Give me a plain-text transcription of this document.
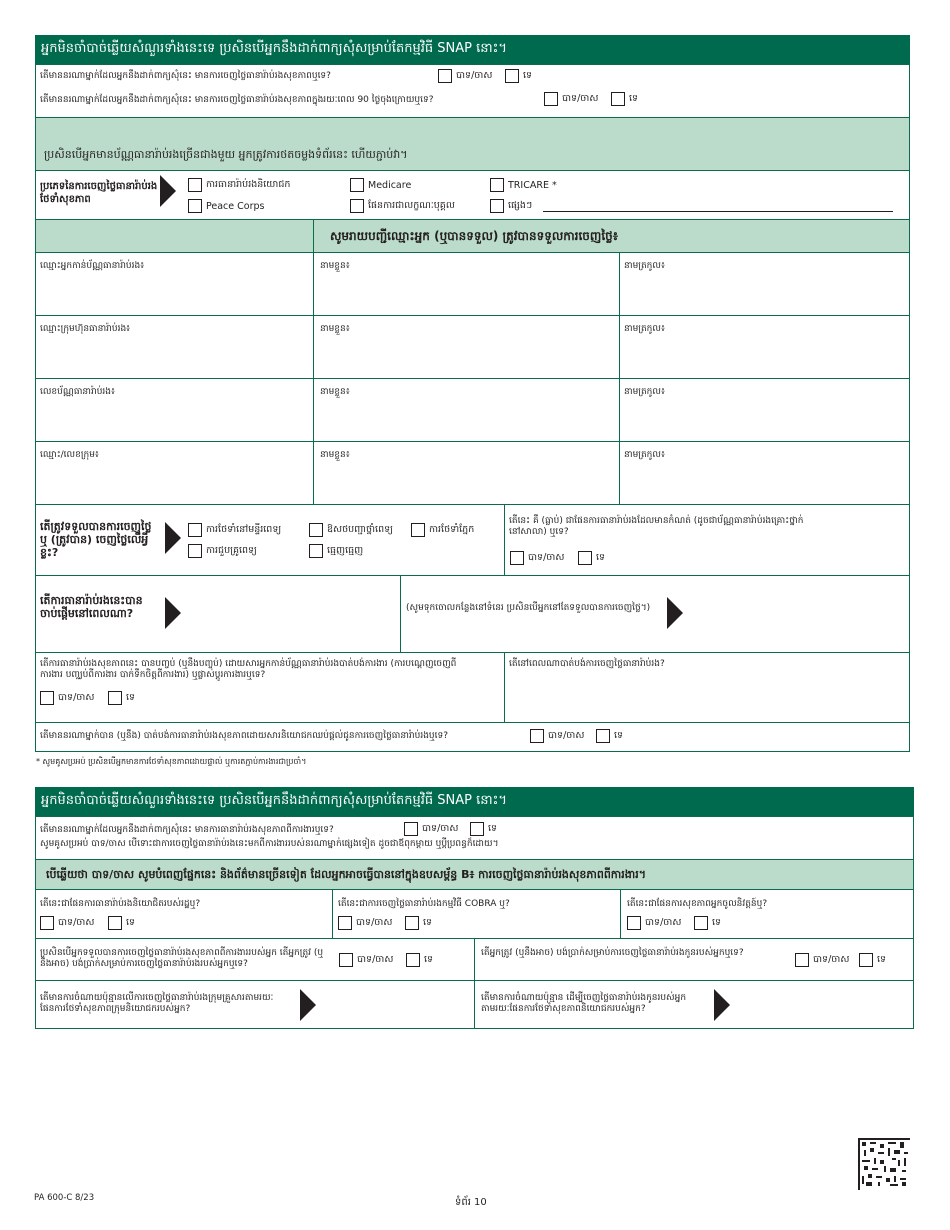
អ្នកមិនចាំបាច់ឆ្លើយសំណួរទាំងនេះទេ ប្រសិនបើអ្នកនឹងដាក់ពាក្យសុំសម្រាប់តែកម្មវិធី SNAP នោះ។
តើមាននរណាម្នាក់ដែលអ្នកនឹងដាក់ពាក្យសុំនេះ មានការចេញថ្លៃធានារ៉ាប់រងសុខភាពឬទេ?	បាទ/ចាស	ទេ
តើមាននរណាម្នាក់ដែលអ្នកនឹងដាក់ពាក្យសុំនេះ មានការចេញថ្លៃធានារ៉ាប់រងសុខភាពក្នុងរយៈពេល 90 ថ្ងៃចុងក្រោយឬទេ?	បាទ/ចាស	ទេ
ប្រសិនបើអ្នកមានប័ណ្ណធានារ៉ាប់រងច្រើនជាងមួយ អ្នកត្រូវការថតចម្លងទំព័រនេះ ហើយភ្ជាប់វា។
ប្រភេទនៃការចេញថ្លៃធានារ៉ាប់រងថែទាំសុខភាព
ការធានារ៉ាប់រងនិយោជក	Medicare	TRICARE *
Peace Corps	ផែនការជាលក្ខណៈបុគ្គល	ផ្សេងៗ
សូមរាយបញ្ជីឈ្មោះអ្នក (ឬបានទទួល) ត្រូវបានទទួលការចេញថ្លៃ៖
ឈ្មោះអ្នកកាន់ប័ណ្ណធានារ៉ាប់រង៖	នាមខ្លួន៖	នាមត្រកូល៖
ឈ្មោះក្រុមហ៊ុនធានារ៉ាប់រង៖	នាមខ្លួន៖	នាមត្រកូល៖
លេខប័ណ្ណធានារ៉ាប់រង៖	នាមខ្លួន៖	នាមត្រកូល៖
ឈ្មោះ/លេខក្រុម៖	នាមខ្លួន៖	នាមត្រកូល៖
តើត្រូវទទួលបានការចេញថ្លៃ ឬ (ត្រូវបាន) ចេញថ្លៃលើអ្វីខ្លះ?
ការថែទាំនៅមន្ទីរពេទ្យ	ឱសថបញ្ជាថ្នាំពេទ្យ	ការថែទាំភ្នែក
ការជួបគ្រូពេទ្យ	ធ្មេញធ្មេញ
តើនេះ គឺ (ធ្លាប់) ជាផែនការធានារ៉ាប់រងដែលមានកំណត់ (ដូចជាប័ណ្ណធានារ៉ាប់រងគ្រោះថ្នាក់នៅសាលា) ឬទេ?
បាទ/ចាស	ទេ
តើការធានារ៉ាប់រងនេះបានចាប់ផ្ដើមនៅពេលណា?	(សូមទុកចោលកន្លែងនៅទំនេរ ប្រសិនបើអ្នកនៅតែទទួលបានការចេញថ្លៃ។)
តើការធានារ៉ាប់រងសុខភាពនេះ បានបញ្ចប់ (ឬនឹងបញ្ចប់) ដោយសារអ្នកកាន់ប័ណ្ណធានារ៉ាប់រងបាត់បង់ការងារ (ការបណ្ដេញចេញពីការងារ បញ្ឈប់ពីការងារ បាក់ទឹកចិត្តពីការងារ) ឬផ្លាស់ប្តូរការងារឬទេ?
បាទ/ចាស	ទេ
តើនៅពេលណាបាត់បង់ការចេញថ្លៃធានារ៉ាប់រង?
តើមាននរណាម្នាក់បាន (ឬនឹង) បាត់បង់ការធានារ៉ាប់រងសុខភាពដោយសារនិយោជកឈប់ផ្តល់ជូនការចេញថ្លៃធានារ៉ាប់រងឬទេ?	បាទ/ចាស	ទេ
* សូមគូសប្រអប់ ប្រសិនបើអ្នកមានការថែទាំសុខភាពដោយផ្ទាល់ ឬការតភ្ជាប់ការងារជាប្រចាំ។
អ្នកមិនចាំបាច់ឆ្លើយសំណួរទាំងនេះទេ ប្រសិនបើអ្នកនឹងដាក់ពាក្យសុំសម្រាប់តែកម្មវិធី SNAP នោះ។
តើមាននរណាម្នាក់ដែលអ្នកនឹងដាក់ពាក្យសុំនេះ មានការធានារ៉ាប់រងសុខភាពពីការងារឬទេ?	បាទ/ចាស	ទេ
សូមគូសប្រអប់ បាទ/ចាស បើទោះជាការចេញថ្លៃធានារ៉ាប់រងនេះមកពីការងាររបស់នរណាម្នាក់ផ្សេងទៀត ដូចជាឪពុកម្ដាយ ឬប្ដីប្រពន្ធក៏ដោយ។
បើឆ្លើយថា បាទ/ចាស សូមបំពេញផ្នែកនេះ និងព័ត៌មានច្រើនទៀត ដែលអ្នកអាចធ្វើបាននៅក្នុងឧបសម្ព័ន្ធ B៖ ការចេញថ្លៃធានារ៉ាប់រងសុខភាពពីការងារ។
តើនេះជាផែនការធានារ៉ាប់រងនិយោជិតរបស់រដ្ឋឬ?
បាទ/ចាស	ទេ
តើនេះជាការចេញថ្លៃធានារ៉ាប់រងកម្មវិធី COBRA ឬ?
បាទ/ចាស	ទេ
តើនេះជាផែនការសុខភាពអ្នកចូលនិវត្តន៍ឬ?
បាទ/ចាស	ទេ
ប្រសិនបើអ្នកទទួលបានការចេញថ្លៃធានារ៉ាប់រងសុខភាពពីការងាររបស់អ្នក តើអ្នកត្រូវ (ឬនឹងអាច) បង់ប្រាក់សម្រាប់ការចេញថ្លៃធានារ៉ាប់រងរបស់អ្នកឬទេ?	បាទ/ចាស	ទេ
តើអ្នកត្រូវ (ឬនឹងអាច) បង់ប្រាក់សម្រាប់ការចេញថ្លៃធានារ៉ាប់រងកូនរបស់អ្នកឬទេ?
បាទ/ចាស	ទេ
តើមានការចំណាយប៉ុន្មានលើការចេញថ្លៃធានារ៉ាប់រងក្រុមគ្រួសារតាមរយៈផែនការថែទាំសុខភាពក្រុមនិយោជករបស់អ្នក?
តើមានការចំណាយប៉ុន្មាន ដើម្បីចេញថ្លៃធានារ៉ាប់រងកូនរបស់អ្នកតាមរយៈផែនការថែទាំសុខភាពនិយោជករបស់អ្នក?
PA 600-C 8/23	ទំព័រ 10
